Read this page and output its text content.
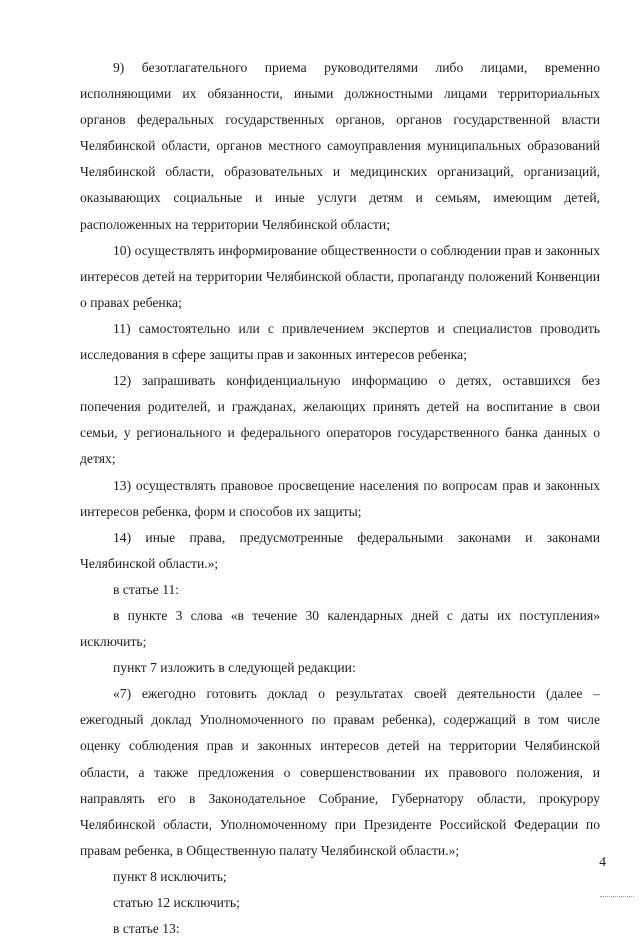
9) безотлагательного приема руководителями либо лицами, временно исполняющими их обязанности, иными должностными лицами территориальных органов федеральных государственных органов, органов государственной власти Челябинской области, органов местного самоуправления муниципальных образований Челябинской области, образовательных и медицинских организаций, организаций, оказывающих социальные и иные услуги детям и семьям, имеющим детей, расположенных на территории Челябинской области;

10) осуществлять информирование общественности о соблюдении прав и законных интересов детей на территории Челябинской области, пропаганду положений Конвенции о правах ребенка;

11) самостоятельно или с привлечением экспертов и специалистов проводить исследования в сфере защиты прав и законных интересов ребенка;

12) запрашивать конфиденциальную информацию о детях, оставшихся без попечения родителей, и гражданах, желающих принять детей на воспитание в свои семьи, у регионального и федерального операторов государственного банка данных о детях;

13) осуществлять правовое просвещение населения по вопросам прав и законных интересов ребенка, форм и способов их защиты;

14) иные права, предусмотренные федеральными законами и законами Челябинской области.»;

в статье 11:

в пункте 3 слова «в течение 30 календарных дней с даты их поступления» исключить;

пункт 7 изложить в следующей редакции:

«7) ежегодно готовить доклад о результатах своей деятельности (далее – ежегодный доклад Уполномоченного по правам ребенка), содержащий в том числе оценку соблюдения прав и законных интересов детей на территории Челябинской области, а также предложения о совершенствовании их правового положения, и направлять его в Законодательное Собрание, Губернатору области, прокурору Челябинской области, Уполномоченному при Президенте Российской Федерации по правам ребенка, в Общественную палату Челябинской области.»;

пункт 8 исключить;

статью 12 исключить;

в статье 13:

4
